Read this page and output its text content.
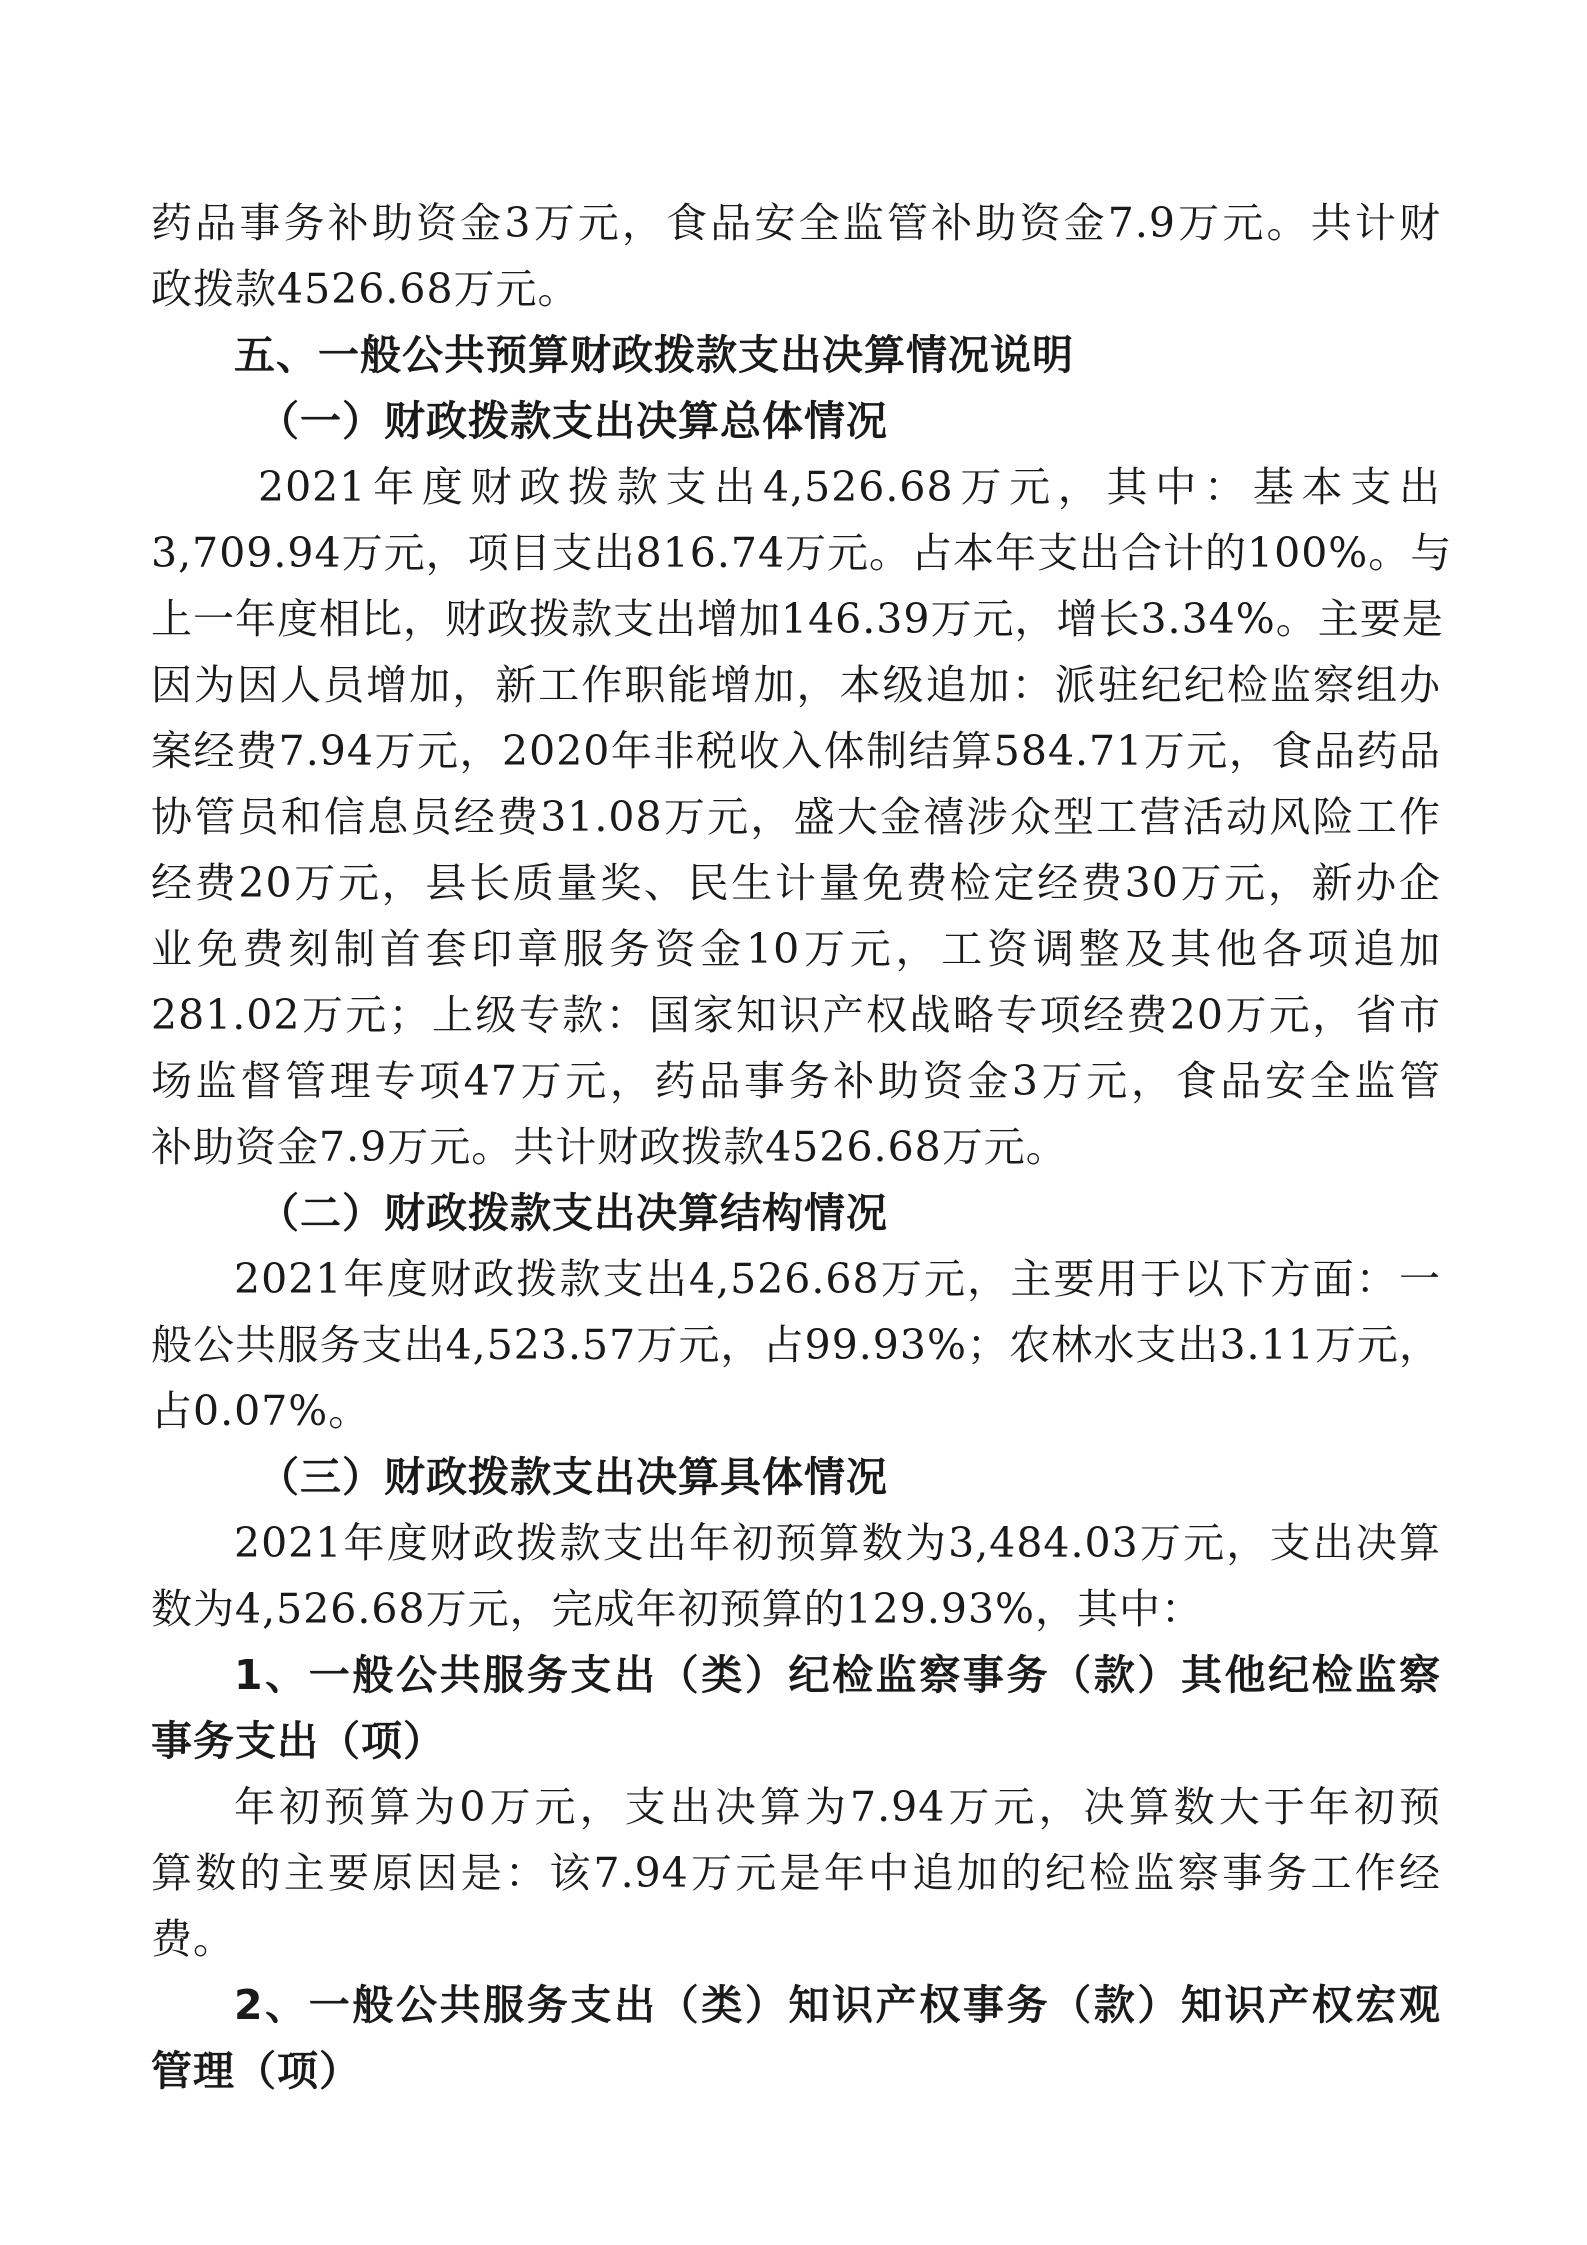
药品事务补助资金3万元，食品安全监管补助资金7.9万元。共计财
政拨款4526.68万元。
五、一般公共预算财政拨款支出决算情况说明
（一）财政拨款支出决算总体情况
2021年度财政拨款支出4,526.68万元，其中：基本支出
3,709.94万元，项目支出816.74万元。占本年支出合计的100%。与
上一年度相比，财政拨款支出增加146.39万元，增长3.34%。主要是
因为因人员增加，新工作职能增加，本级追加：派驻纪纪检监察组办
案经费7.94万元，2020年非税收入体制结算584.71万元，食品药品
协管员和信息员经费31.08万元，盛大金禧涉众型工营活动风险工作
经费20万元，县长质量奖、民生计量免费检定经费30万元，新办企
业免费刻制首套印章服务资金10万元，工资调整及其他各项追加
281.02万元；上级专款：国家知识产权战略专项经费20万元，省市
场监督管理专项47万元，药品事务补助资金3万元，食品安全监管
补助资金7.9万元。共计财政拨款4526.68万元。
（二）财政拨款支出决算结构情况
2021年度财政拨款支出4,526.68万元，主要用于以下方面：一
般公共服务支出4,523.57万元，占99.93%；农林水支出3.11万元，
占0.07%。
（三）财政拨款支出决算具体情况
2021年度财政拨款支出年初预算数为3,484.03万元，支出决算
数为4,526.68万元，完成年初预算的129.93%，其中：
1、一般公共服务支出（类）纪检监察事务（款）其他纪检监察
事务支出（项）
年初预算为0万元，支出决算为7.94万元，决算数大于年初预
算数的主要原因是：该7.94万元是年中追加的纪检监察事务工作经
费。
2、一般公共服务支出（类）知识产权事务（款）知识产权宏观
管理（项）
